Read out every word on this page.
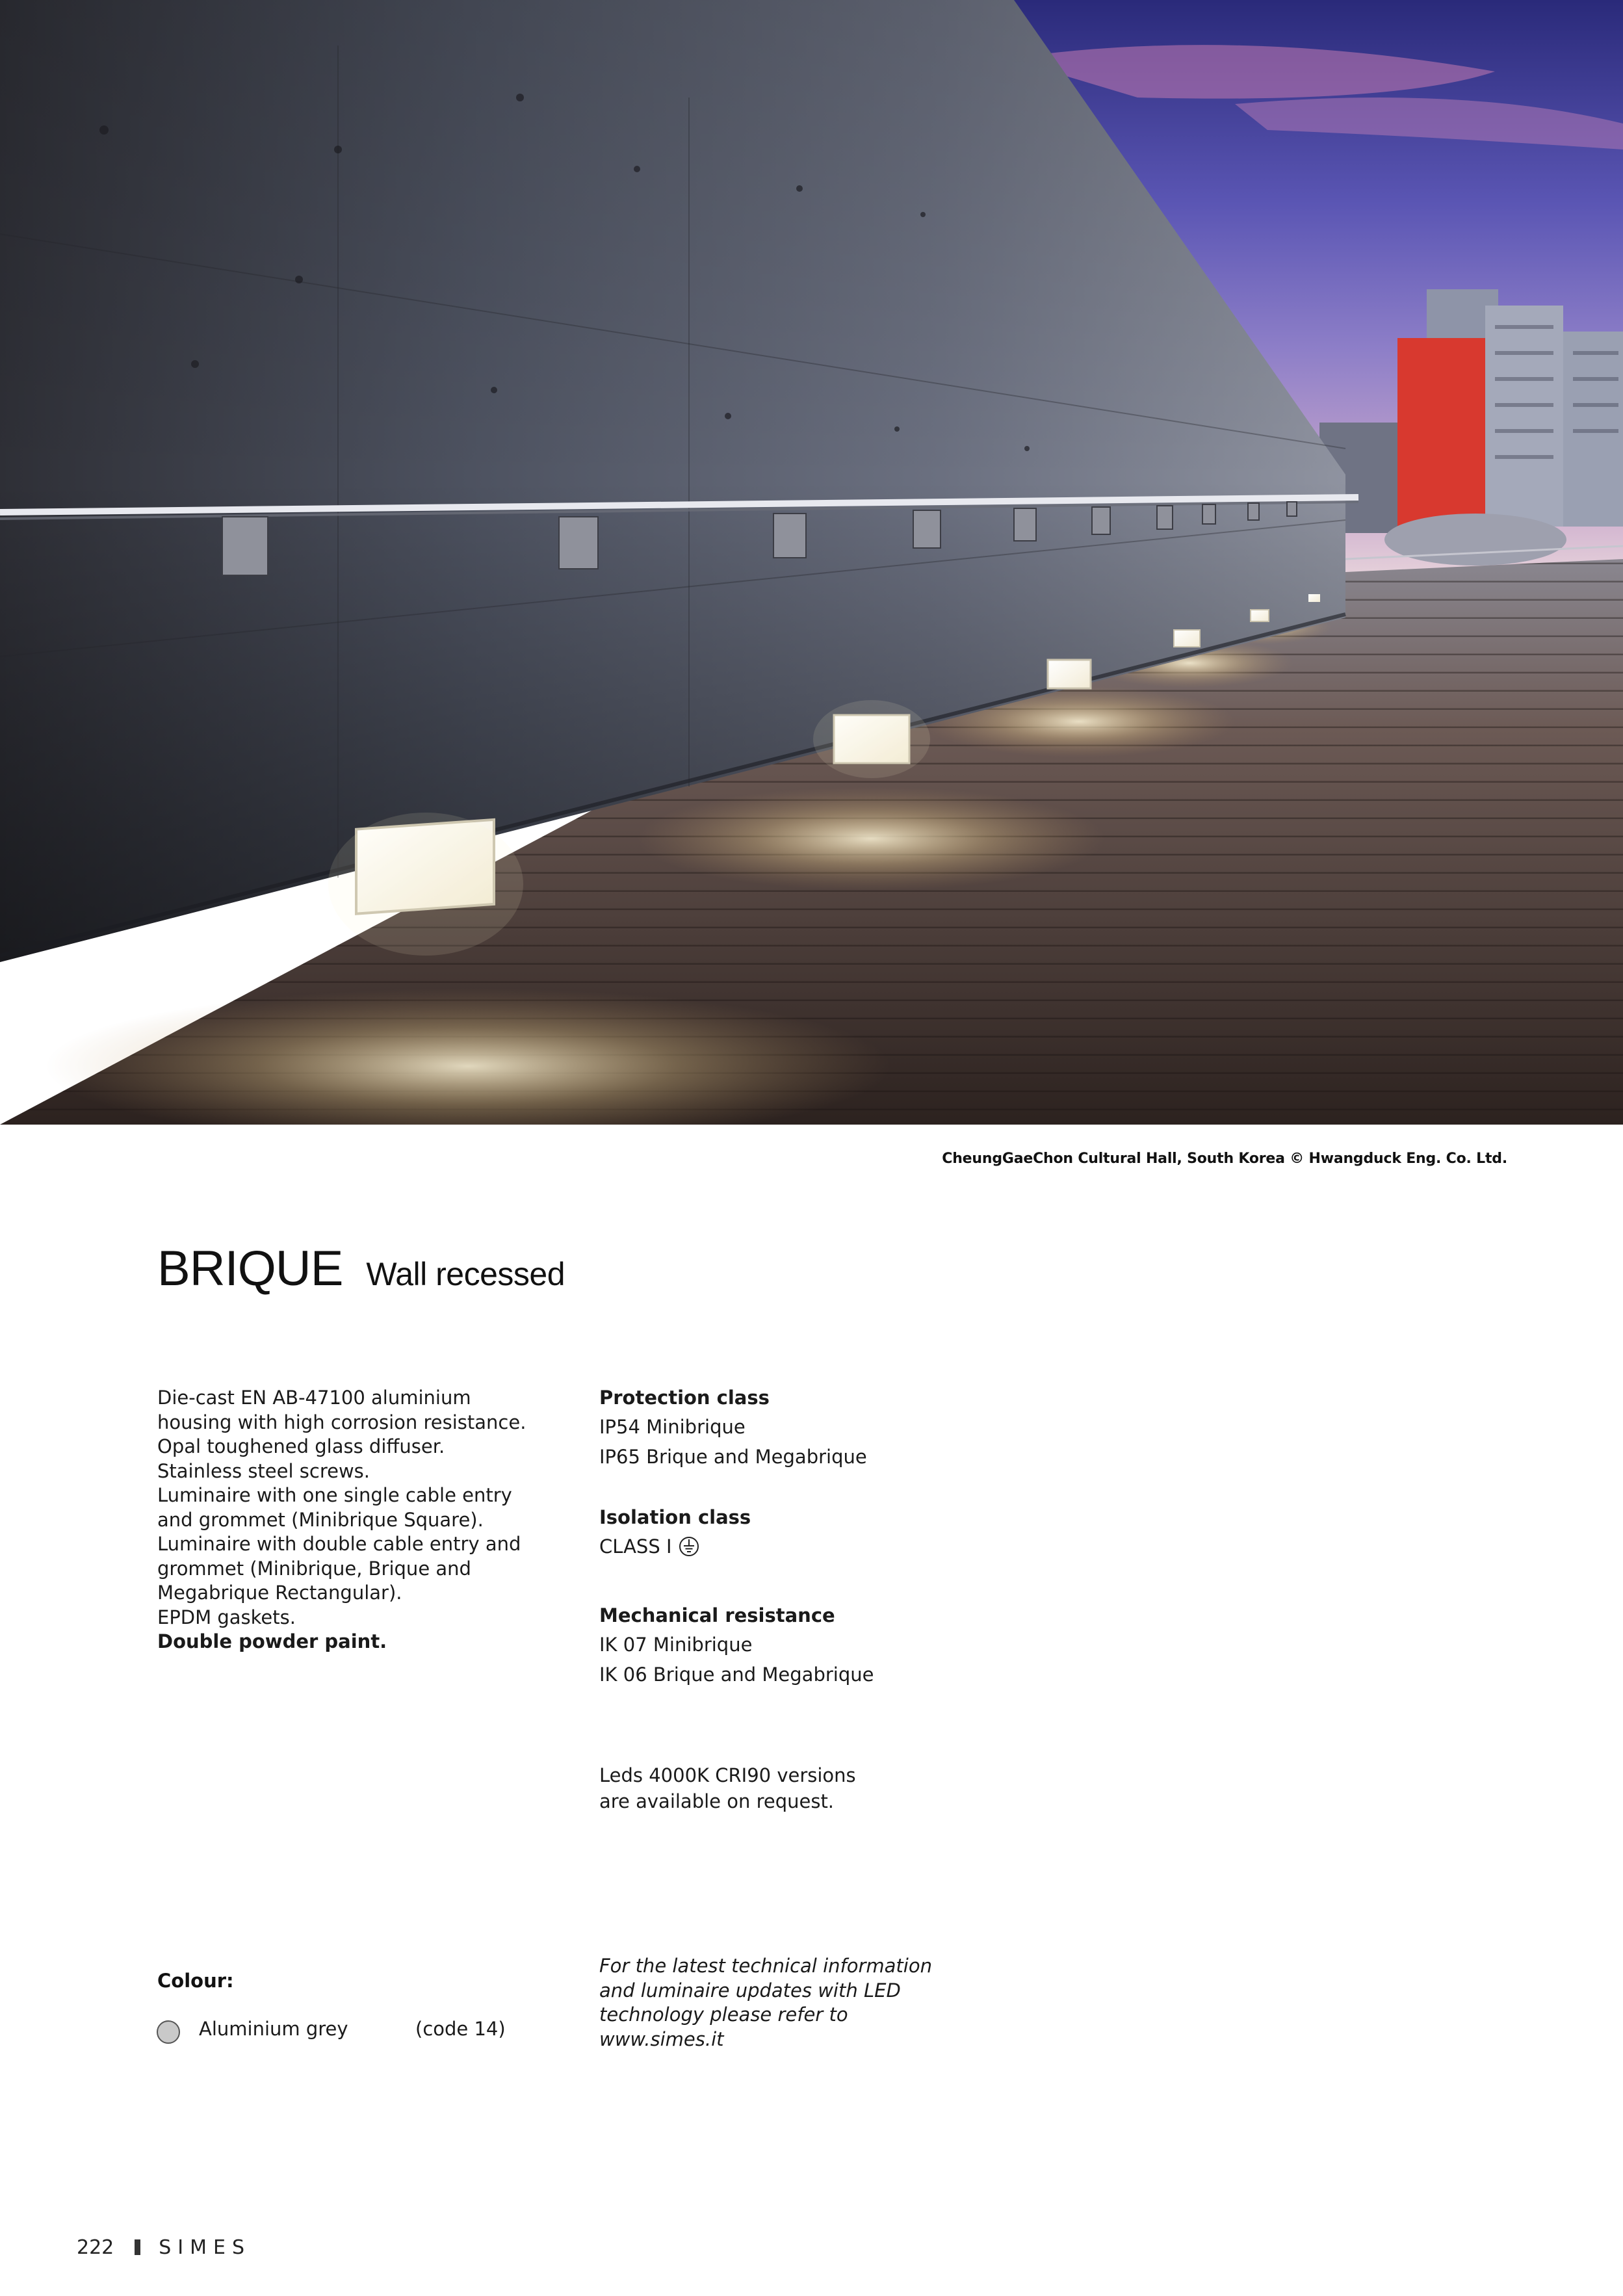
CheungGaeChon Cultural Hall, South Korea © Hwangduck Eng. Co. Ltd.
BRIQUE Wall recessed
Die-cast EN AB-47100 aluminium
housing with high corrosion resistance.
Opal toughened glass diffuser.
Stainless steel screws.
Luminaire with one single cable entry
and grommet (Minibrique Square).
Luminaire with double cable entry and
grommet (Minibrique, Brique and
Megabrique Rectangular).
EPDM gaskets.
Double powder paint.
Protection class
IP54 Minibrique
IP65 Brique and Megabrique
Isolation class
CLASS I
Mechanical resistance
IK 07 Minibrique
IK 06 Brique and Megabrique
Leds 4000K CRI90 versions
are available on request.
Colour:
Aluminium grey	(code 14)
For the latest technical information
and luminaire updates with LED
technology please refer to
www.simes.it
222 SIMES
